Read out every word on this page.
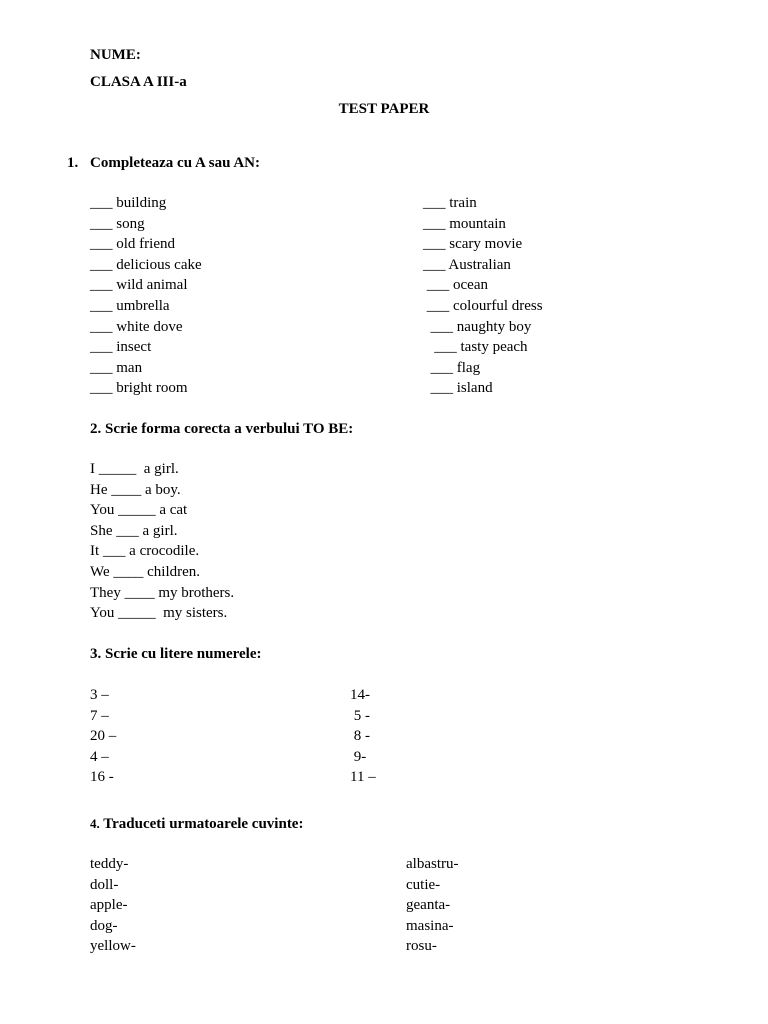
NUME:
CLASA A III-a
TEST PAPER
1. Completeaza cu A sau AN:
___ building
___ song
___ old friend
___ delicious cake
___ wild animal
___ umbrella
___ white dove
___ insect
___ man
___ bright room
___ train
___ mountain
___ scary movie
___ Australian
___ ocean
___ colourful dress
___ naughty boy
___ tasty peach
___ flag
___ island
2. Scrie forma corecta a verbului TO BE:
I _____  a girl.
He ____ a boy.
You _____ a cat
She ___ a girl.
It ___ a crocodile.
We ____ children.
They ____ my brothers.
You _____  my sisters.
3. Scrie cu litere numerele:
3 –
7 –
20 –
4 –
16 -
14-
5 -
8 -
9-
11 –
4. Traduceti urmatoarele cuvinte:
teddy-
doll-
apple-
dog-
yellow-
albastru-
cutie-
geanta-
masina-
rosu-
